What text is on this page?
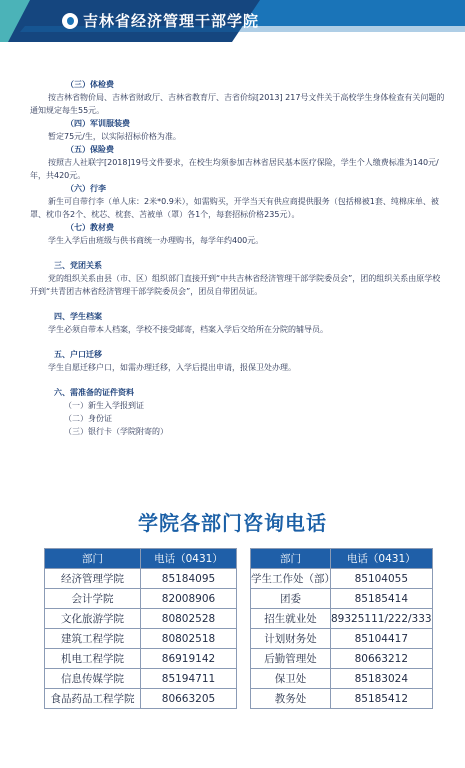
吉林省经济管理干部学院

（三）体检费

按吉林省物价局、吉林省财政厅、吉林省教育厅、吉省价综[2013] 217号文件关于高校学生身体检查有关问题的通知规定每生55元。

（四）军训服装费

暂定75元/生，以实际招标价格为准。

（五）保险费

按照吉人社联字[2018]19号文件要求，在校生均须参加吉林省居民基本医疗保险，学生个人缴费标准为140元/年，共420元。

（六）行李

新生可自带行李（单人床：2米*0.9米），如需购买，开学当天有供应商提供服务（包括棉被1套、纯棉床单、被罩、枕巾各2个、枕芯、枕套、苫被单（罩）各1个，每套招标价格235元）。

（七）教材费

学生入学后由班级与供书商统一办理购书，每学年约400元。

三、党团关系

党的组织关系由县（市、区）组织部门直接开到“中共吉林省经济管理干部学院委员会”，团的组织关系由原学校开到“共青团吉林省经济管理干部学院委员会”，团员自带团员证。

四、学生档案

学生必须自带本人档案，学校不接受邮寄，档案入学后交给所在分院的辅导员。

五、户口迁移

学生自愿迁移户口，如需办理迁移，入学后提出申请，报保卫处办理。

六、需准备的证件资料

（一）新生入学报到证

（二）身份证

（三）银行卡（学院附寄的）

学院各部门咨询电话
部门	电话（0431）
经济管理学院	85184095
会计学院	82008906
文化旅游学院	80802528
建筑工程学院	80802518
机电工程学院	86919142
信息传媒学院	85194711
食品药品工程学院	80663205
部门	电话（0431）
学生工作处（部）	85104055
团委	85185414
招生就业处	89325111/222/333
计划财务处	85104417
后勤管理处	80663212
保卫处	85183024
教务处	85185412
